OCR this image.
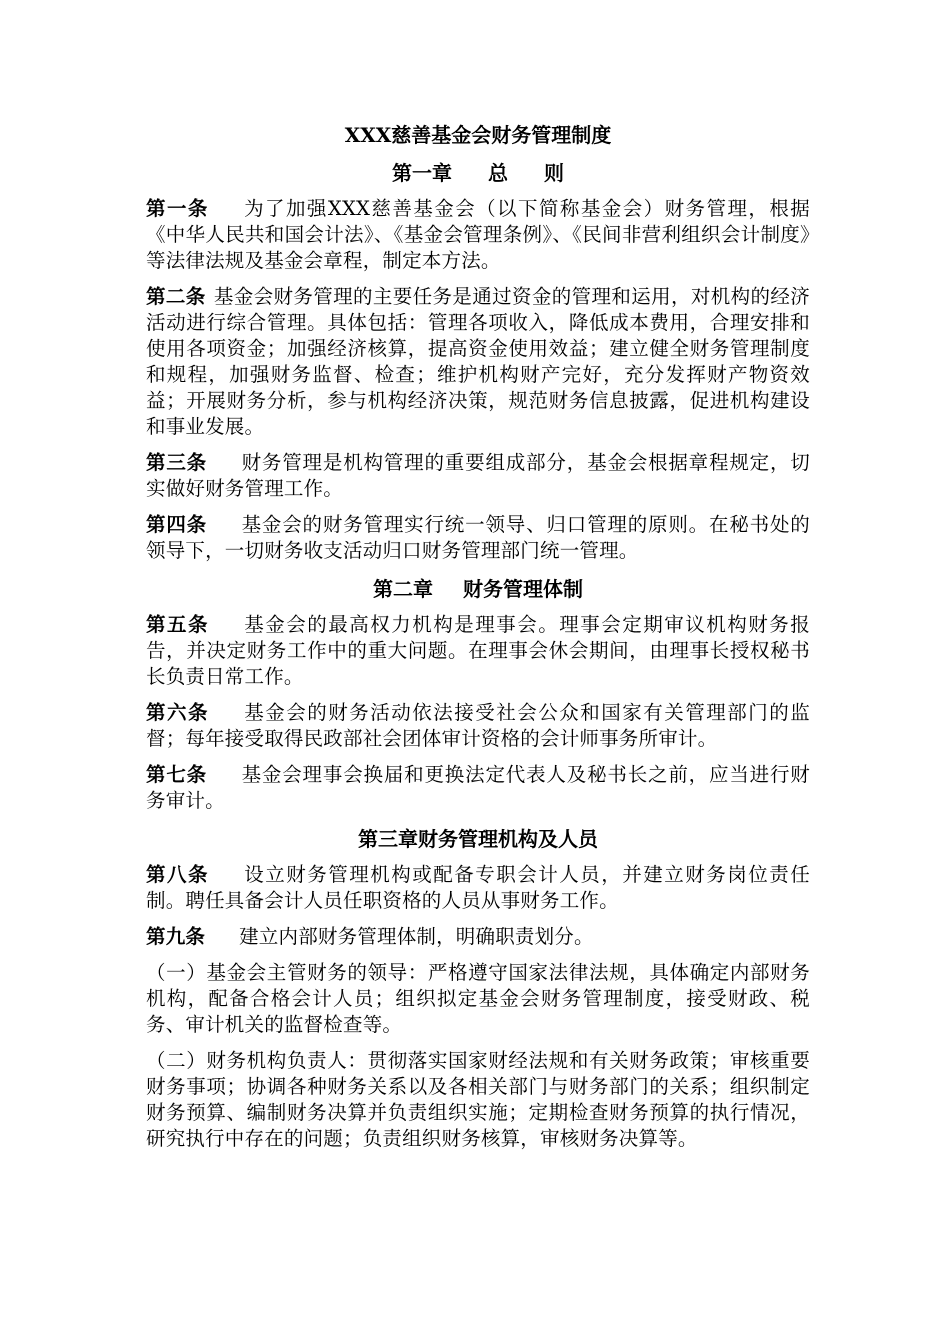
XXX慈善基金会财务管理制度
第一章 总 则

第一条 为了加强XXX慈善基金会（以下简称基金会）财务管理，根据《中华人民共和国会计法》、《基金会管理条例》、《民间非营利组织会计制度》等法律法规及基金会章程，制定本方法。

第二条 基金会财务管理的主要任务是通过资金的管理和运用，对机构的经济活动进行综合管理。具体包括：管理各项收入，降低成本费用，合理安排和使用各项资金；加强经济核算，提高资金使用效益；建立健全财务管理制度和规程，加强财务监督、检查；维护机构财产完好，充分发挥财产物资效益；开展财务分析，参与机构经济决策，规范财务信息披露，促进机构建设和事业发展。

第三条 财务管理是机构管理的重要组成部分，基金会根据章程规定，切实做好财务管理工作。

第四条 基金会的财务管理实行统一领导、归口管理的原则。在秘书处的领导下，一切财务收支活动归口财务管理部门统一管理。

第二章 财务管理体制

第五条 基金会的最高权力机构是理事会。理事会定期审议机构财务报告，并决定财务工作中的重大问题。在理事会休会期间，由理事长授权秘书长负责日常工作。

第六条 基金会的财务活动依法接受社会公众和国家有关管理部门的监督；每年接受取得民政部社会团体审计资格的会计师事务所审计。

第七条 基金会理事会换届和更换法定代表人及秘书长之前，应当进行财务审计。

第三章财务管理机构及人员

第八条 设立财务管理机构或配备专职会计人员，并建立财务岗位责任制。聘任具备会计人员任职资格的人员从事财务工作。

第九条 建立内部财务管理体制，明确职责划分。

（一）基金会主管财务的领导：严格遵守国家法律法规，具体确定内部财务机构，配备合格会计人员；组织拟定基金会财务管理制度，接受财政、税务、审计机关的监督检查等。

（二）财务机构负责人：贯彻落实国家财经法规和有关财务政策；审核重要财务事项；协调各种财务关系以及各相关部门与财务部门的关系；组织制定财务预算、编制财务决算并负责组织实施；定期检查财务预算的执行情况，研究执行中存在的问题；负责组织财务核算，审核财务决算等。
